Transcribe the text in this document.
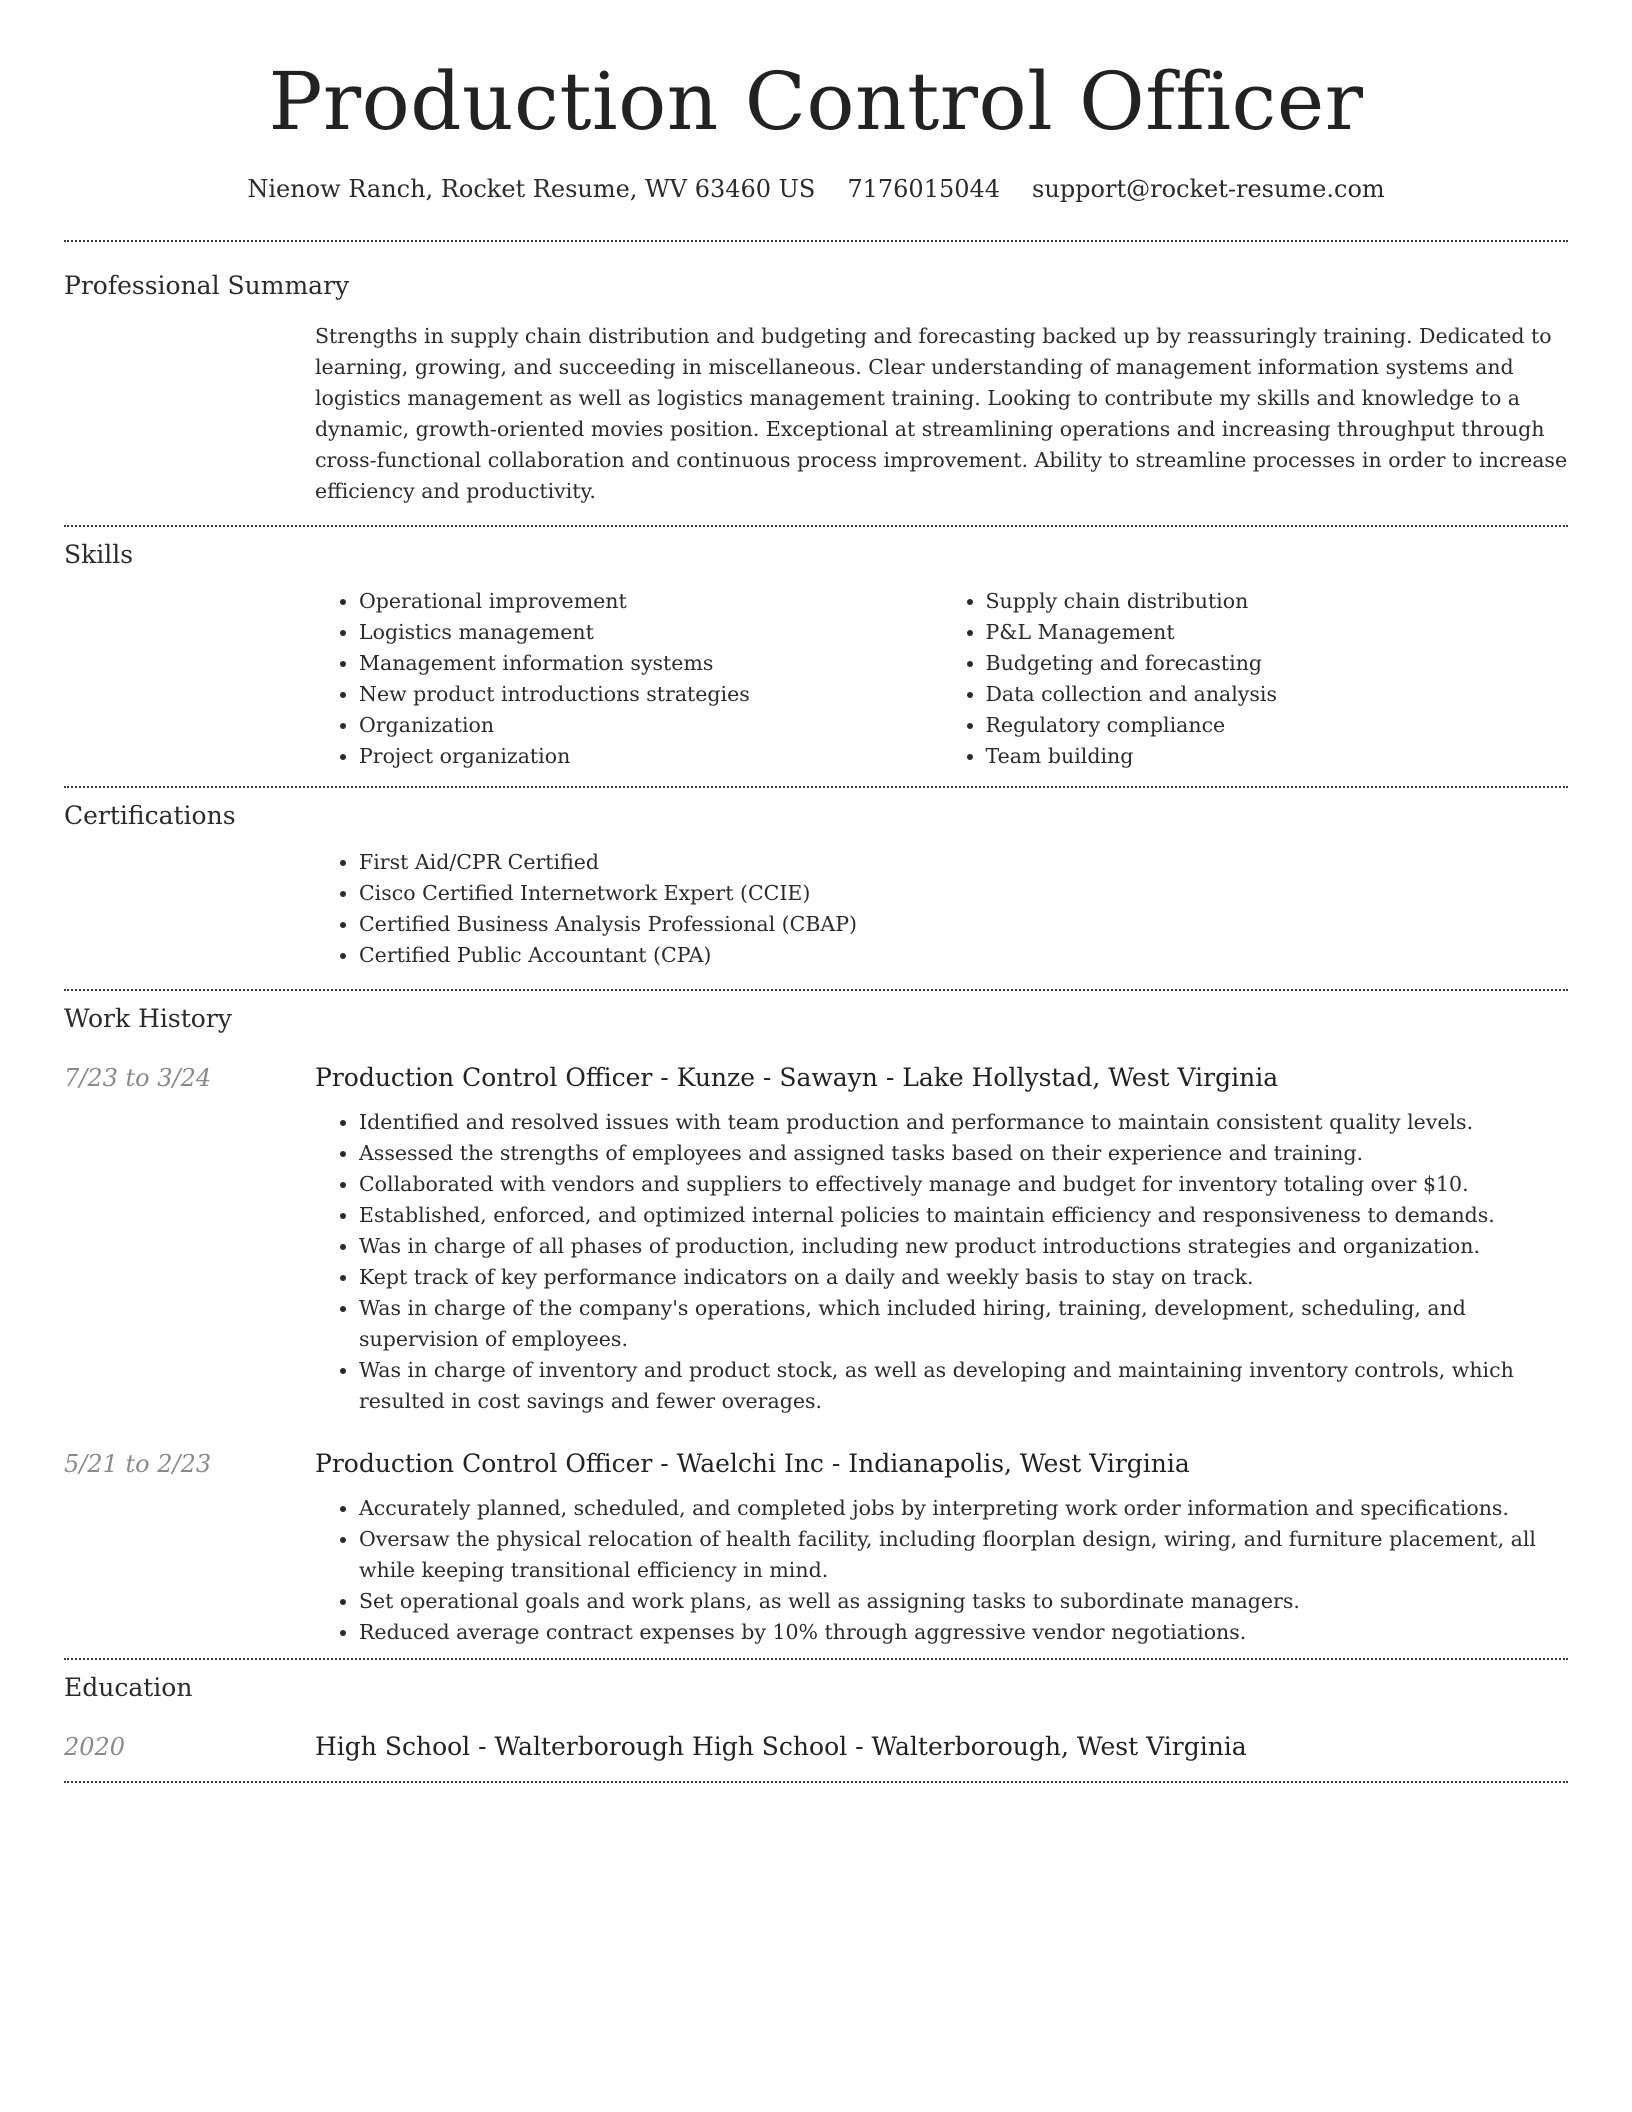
Production Control Officer
Nienow Ranch, Rocket Resume, WV 63460 US 7176015044 support@rocket-resume.com
Professional Summary
Strengths in supply chain distribution and budgeting and forecasting backed up by reassuringly training. Dedicated to learning, growing, and succeeding in miscellaneous. Clear understanding of management information systems and logistics management as well as logistics management training. Looking to contribute my skills and knowledge to a dynamic, growth-oriented movies position. Exceptional at streamlining operations and increasing throughput through cross-functional collaboration and continuous process improvement. Ability to streamline processes in order to increase efficiency and productivity.
Skills
• Operational improvement
• Logistics management
• Management information systems
• New product introductions strategies
• Organization
• Project organization
• Supply chain distribution
• P&L Management
• Budgeting and forecasting
• Data collection and analysis
• Regulatory compliance
• Team building
Certifications
• First Aid/CPR Certified
• Cisco Certified Internetwork Expert (CCIE)
• Certified Business Analysis Professional (CBAP)
• Certified Public Accountant (CPA)
Work History
7/23 to 3/24	Production Control Officer - Kunze - Sawayn - Lake Hollystad, West Virginia
• Identified and resolved issues with team production and performance to maintain consistent quality levels.
• Assessed the strengths of employees and assigned tasks based on their experience and training.
• Collaborated with vendors and suppliers to effectively manage and budget for inventory totaling over $10.
• Established, enforced, and optimized internal policies to maintain efficiency and responsiveness to demands.
• Was in charge of all phases of production, including new product introductions strategies and organization.
• Kept track of key performance indicators on a daily and weekly basis to stay on track.
• Was in charge of the company's operations, which included hiring, training, development, scheduling, and supervision of employees.
• Was in charge of inventory and product stock, as well as developing and maintaining inventory controls, which resulted in cost savings and fewer overages.
5/21 to 2/23	Production Control Officer - Waelchi Inc - Indianapolis, West Virginia
• Accurately planned, scheduled, and completed jobs by interpreting work order information and specifications.
• Oversaw the physical relocation of health facility, including floorplan design, wiring, and furniture placement, all while keeping transitional efficiency in mind.
• Set operational goals and work plans, as well as assigning tasks to subordinate managers.
• Reduced average contract expenses by 10% through aggressive vendor negotiations.
Education
2020	High School - Walterborough High School - Walterborough, West Virginia
